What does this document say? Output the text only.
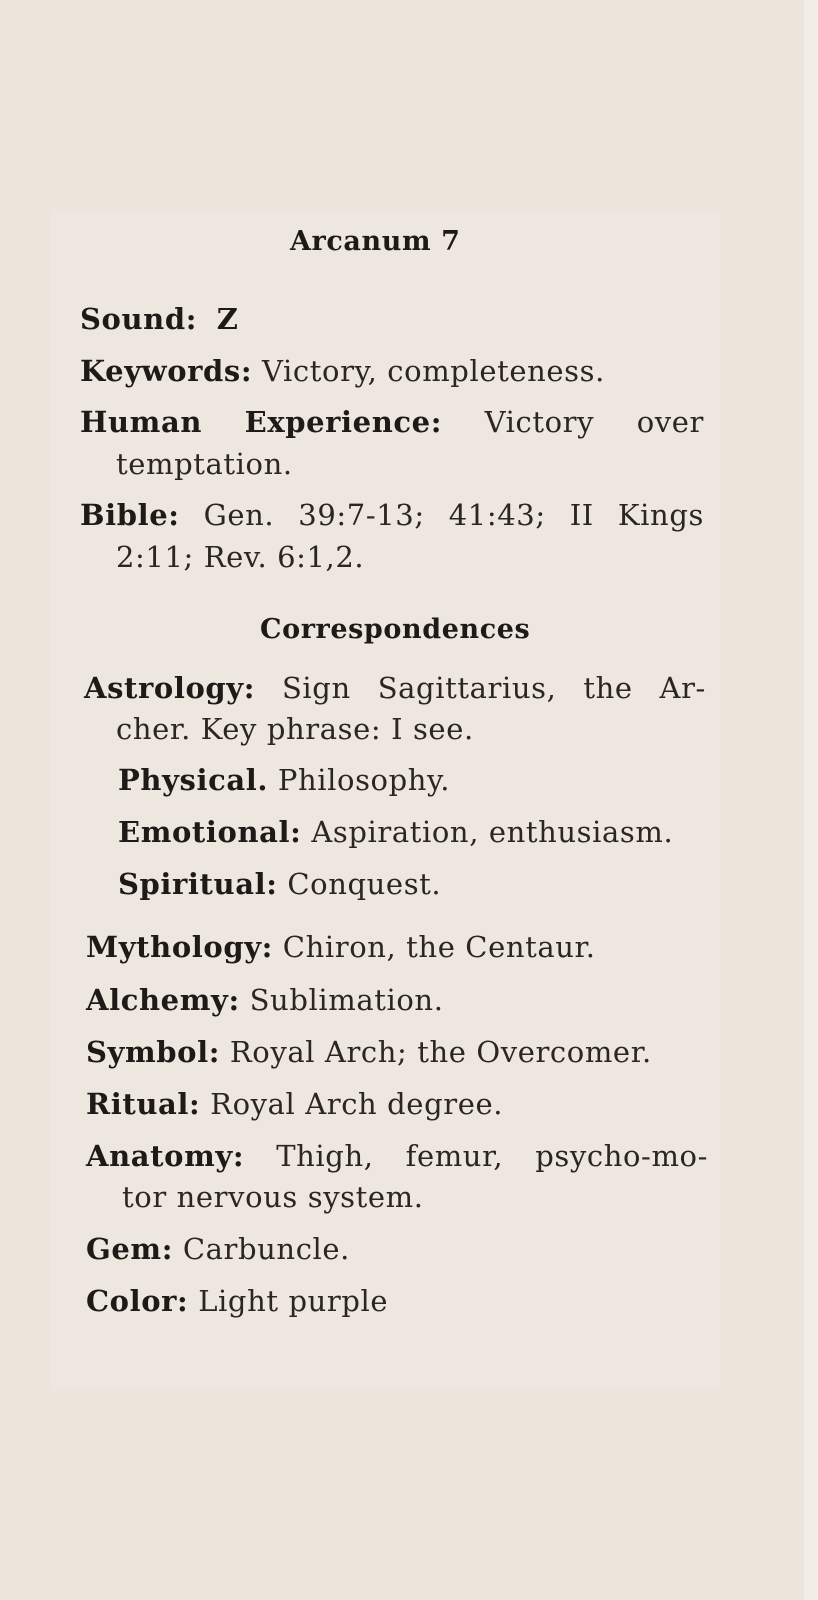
Arcanum 7
Sound: Z
Keywords: Victory, completeness.
Human Experience: Victory over
temptation.
Bible: Gen. 39:7-13; 41:43; II Kings
2:11; Rev. 6:1,2.
Correspondences
Astrology: Sign Sagittarius, the Ar-
cher. Key phrase: I see.
Physical. Philosophy.
Emotional: Aspiration, enthusiasm.
Spiritual: Conquest.
Mythology: Chiron, the Centaur.
Alchemy: Sublimation.
Symbol: Royal Arch; the Overcomer.
Ritual: Royal Arch degree.
Anatomy: Thigh, femur, psycho-mo-
tor nervous system.
Gem: Carbuncle.
Color: Light purple
